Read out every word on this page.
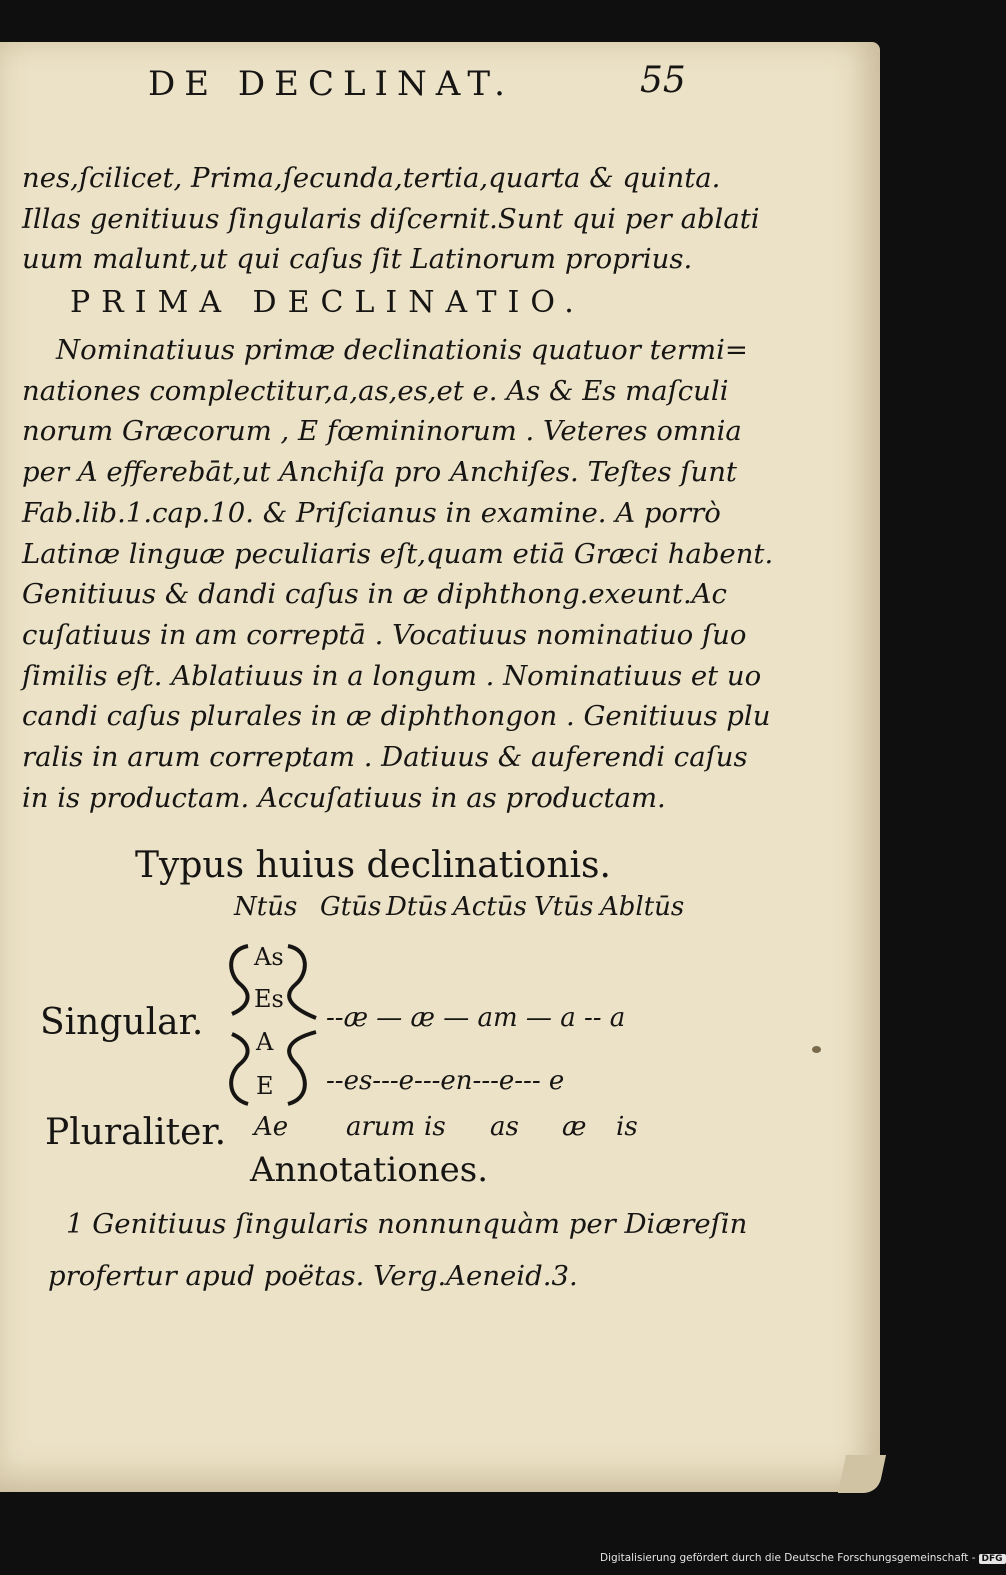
DE DECLINAT.	55
nes,ſcilicet, Prima,ſecunda,tertia,quarta & quinta.
Illas genitiuus ſingularis diſcernit.Sunt qui per ablati
uum malunt,ut qui caſus ſit Latinorum proprius.
PRIMA DECLINATIO.
Nominatiuus primæ declinationis quatuor termi=
nationes complectitur,a,as,es,et e. As & Es maſculi
norum Græcorum , E fœmininorum . Veteres omnia
per A efferebāt,ut Anchiſa pro Anchiſes. Teſtes ſunt
Fab.lib.1.cap.10. & Priſcianus in examine. A porrò
Latinæ linguæ peculiaris eſt,quam etiā Græci habent.
Genitiuus & dandi caſus in æ diphthong.exeunt.Ac
cuſatiuus in am correptā . Vocatiuus nominatiuo ſuo
ſimilis eſt. Ablatiuus in a longum . Nominatiuus et uo
candi caſus plurales in æ diphthongon . Genitiuus plu
ralis in arum correptam . Datiuus & auferendi caſus
in is productam. Accuſatiuus in as productam.
Typus huius declinationis.
Ntūs Gtūs Dtūs Actūs Vtūs Abltūs
As
Es
A
E
Singular.	--æ — æ — am — a -- a
--es---e---en---e--- e
Pluraliter. Ae arum is as æ is
Annotationes.
1 Genitiuus ſingularis nonnunquàm per Diæreſin
profertur apud poëtas. Verg.Aeneid.3.
Digitalisierung gefördert durch die Deutsche Forschungsgemeinschaft - DFG
